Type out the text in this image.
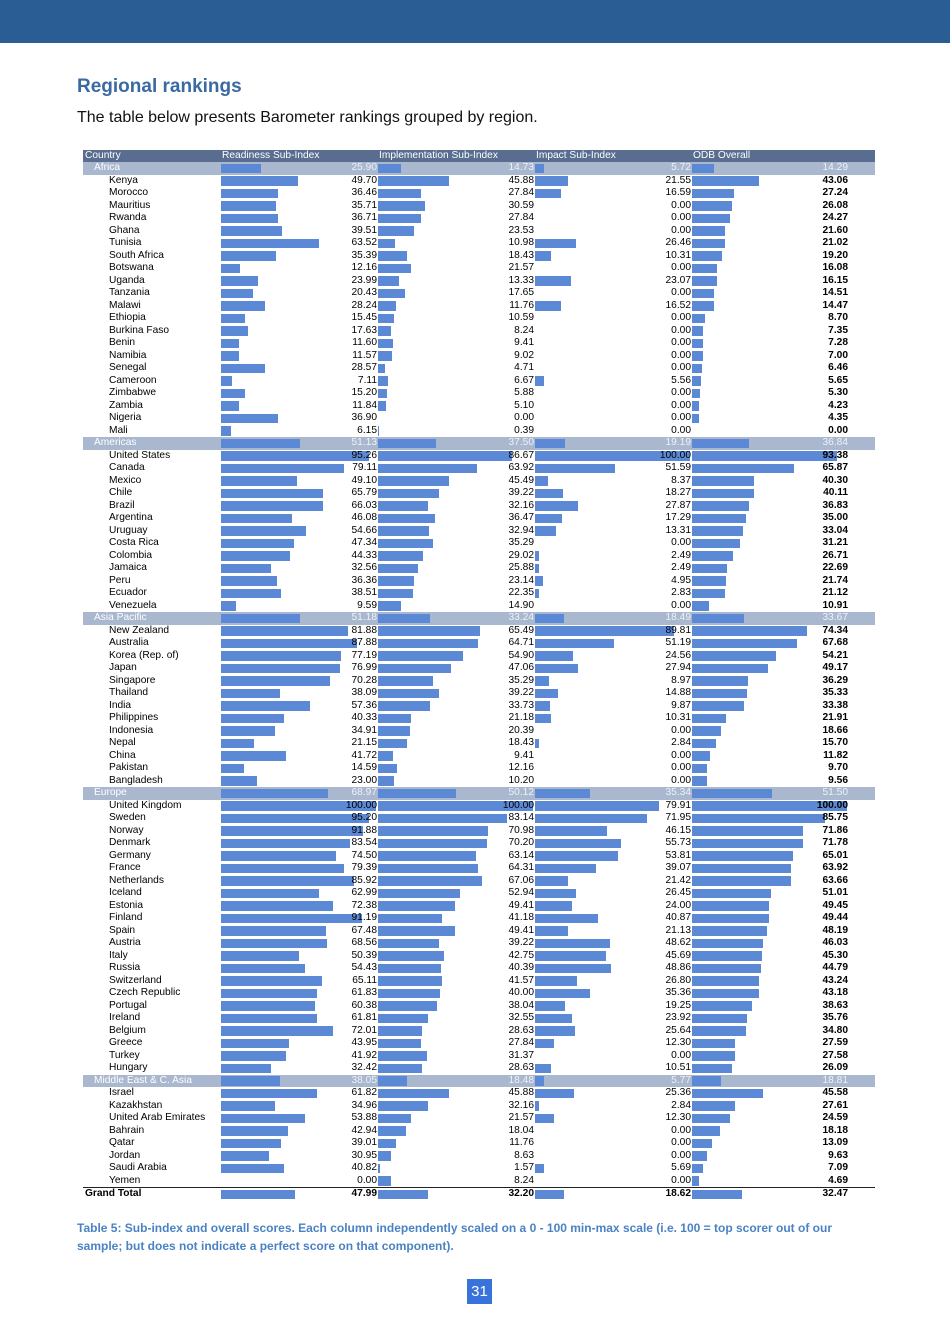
Regional rankings
The table below presents Barometer rankings grouped by region.
Country	Readiness Sub-Index	Implementation Sub-Index	Impact Sub-Index	ODB Overall
Africa	25.90	14.73	5.72	14.29
Kenya	49.70	45.88	21.55	43.06
Morocco	36.46	27.84	16.59	27.24
Mauritius	35.71	30.59	0.00	26.08
Rwanda	36.71	27.84	0.00	24.27
Ghana	39.51	23.53	0.00	21.60
Tunisia	63.52	10.98	26.46	21.02
South Africa	35.39	18.43	10.31	19.20
Botswana	12.16	21.57	0.00	16.08
Uganda	23.99	13.33	23.07	16.15
Tanzania	20.43	17.65	0.00	14.51
Malawi	28.24	11.76	16.52	14.47
Ethiopia	15.45	10.59	0.00	8.70
Burkina Faso	17.63	8.24	0.00	7.35
Benin	11.60	9.41	0.00	7.28
Namibia	11.57	9.02	0.00	7.00
Senegal	28.57	4.71	0.00	6.46
Cameroon	7.11	6.67	5.56	5.65
Zimbabwe	15.20	5.88	0.00	5.30
Zambia	11.84	5.10	0.00	4.23
Nigeria	36.90	0.00	0.00	4.35
Mali	6.15	0.39	0.00	0.00
Americas	51.13	37.50	19.19	36.84
United States	95.26	86.67	100.00	93.38
Canada	79.11	63.92	51.59	65.87
Mexico	49.10	45.49	8.37	40.30
Chile	65.79	39.22	18.27	40.11
Brazil	66.03	32.16	27.87	36.83
Argentina	46.08	36.47	17.29	35.00
Uruguay	54.66	32.94	13.31	33.04
Costa Rica	47.34	35.29	0.00	31.21
Colombia	44.33	29.02	2.49	26.71
Jamaica	32.56	25.88	2.49	22.69
Peru	36.36	23.14	4.95	21.74
Ecuador	38.51	22.35	2.83	21.12
Venezuela	9.59	14.90	0.00	10.91
Asia Pacific	51.18	33.24	18.49	33.67
New Zealand	81.88	65.49	89.81	74.34
Australia	87.88	64.71	51.19	67.68
Korea (Rep. of)	77.19	54.90	24.56	54.21
Japan	76.99	47.06	27.94	49.17
Singapore	70.28	35.29	8.97	36.29
Thailand	38.09	39.22	14.88	35.33
India	57.36	33.73	9.87	33.38
Philippines	40.33	21.18	10.31	21.91
Indonesia	34.91	20.39	0.00	18.66
Nepal	21.15	18.43	2.84	15.70
China	41.72	9.41	0.00	11.82
Pakistan	14.59	12.16	0.00	9.70
Bangladesh	23.00	10.20	0.00	9.56
Europe	68.97	50.12	35.34	51.50
United Kingdom	100.00	100.00	79.91	100.00
Sweden	95.20	83.14	71.95	85.75
Norway	91.88	70.98	46.15	71.86
Denmark	83.54	70.20	55.73	71.78
Germany	74.50	63.14	53.81	65.01
France	79.39	64.31	39.07	63.92
Netherlands	85.92	67.06	21.42	63.66
Iceland	62.99	52.94	26.45	51.01
Estonia	72.38	49.41	24.00	49.45
Finland	91.19	41.18	40.87	49.44
Spain	67.48	49.41	21.13	48.19
Austria	68.56	39.22	48.62	46.03
Italy	50.39	42.75	45.69	45.30
Russia	54.43	40.39	48.86	44.79
Switzerland	65.11	41.57	26.80	43.24
Czech Republic	61.83	40.00	35.36	43.18
Portugal	60.38	38.04	19.25	38.63
Ireland	61.81	32.55	23.92	35.76
Belgium	72.01	28.63	25.64	34.80
Greece	43.95	27.84	12.30	27.59
Turkey	41.92	31.37	0.00	27.58
Hungary	32.42	28.63	10.51	26.09
Middle East & C. Asia	38.05	18.48	5.77	18.81
Israel	61.82	45.88	25.36	45.58
Kazakhstan	34.96	32.16	2.84	27.61
United Arab Emirates	53.88	21.57	12.30	24.59
Bahrain	42.94	18.04	0.00	18.18
Qatar	39.01	11.76	0.00	13.09
Jordan	30.95	8.63	0.00	9.63
Saudi Arabia	40.82	1.57	5.69	7.09
Yemen	0.00	8.24	0.00	4.69
Grand Total	47.99	32.20	18.62	32.47
Table 5: Sub-index and overall scores. Each column independently scaled on a 0 - 100 min-max scale (i.e. 100 = top scorer out of our sample; but does not indicate a perfect score on that component).
31
